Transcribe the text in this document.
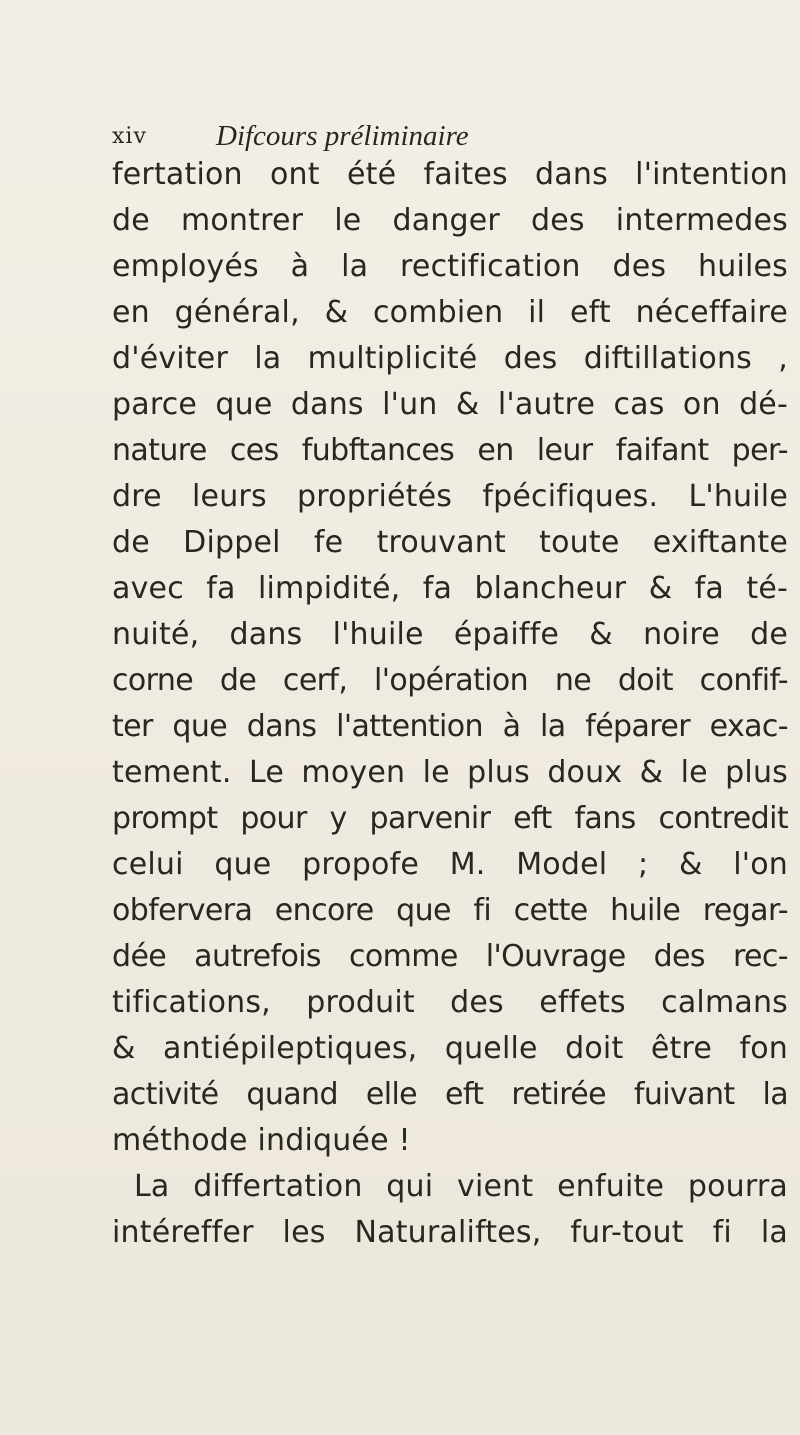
xiv Difcours préliminaire
fertation ont été faites dans l'intention
de montrer le danger des intermedes
employés à la rectification des huiles
en général, & combien il eft néceffaire
d'éviter la multiplicité des diftillations ,
parce que dans l'un & l'autre cas on dé-
nature ces fubftances en leur faifant per-
dre leurs propriétés fpécifiques. L'huile
de Dippel fe trouvant toute exiftante
avec fa limpidité, fa blancheur & fa té-
nuité, dans l'huile épaiffe & noire de
corne de cerf, l'opération ne doit confif-
ter que dans l'attention à la féparer exac-
tement. Le moyen le plus doux & le plus
prompt pour y parvenir eft fans contredit
celui que propofe M. Model ; & l'on
obfervera encore que fi cette huile regar-
dée autrefois comme l'Ouvrage des rec-
tifications, produit des effets calmans
& antiépileptiques, quelle doit être fon
activité quand elle eft retirée fuivant la
méthode indiquée !
La differtation qui vient enfuite pourra
intéreffer les Naturaliftes, fur-tout fi la
